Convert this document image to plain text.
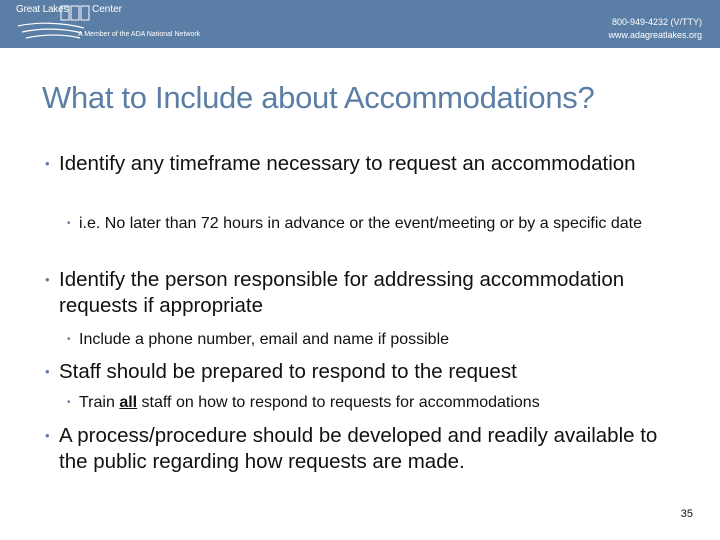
Great Lakes Center
A Member of the ADA National Network
800-949-4232 (V/TTY)
www.adagreatlakes.org
What to Include about Accommodations?
• Identify any timeframe necessary to request an accommodation
• i.e. No later than 72 hours in advance or the event/meeting or by a specific date
• Identify the person responsible for addressing accommodation requests if appropriate
• Include a phone number, email and name if possible
• Staff should be prepared to respond to the request
• Train all staff on how to respond to requests for accommodations
• A process/procedure should be developed and readily available to the public regarding how requests are made.
35
